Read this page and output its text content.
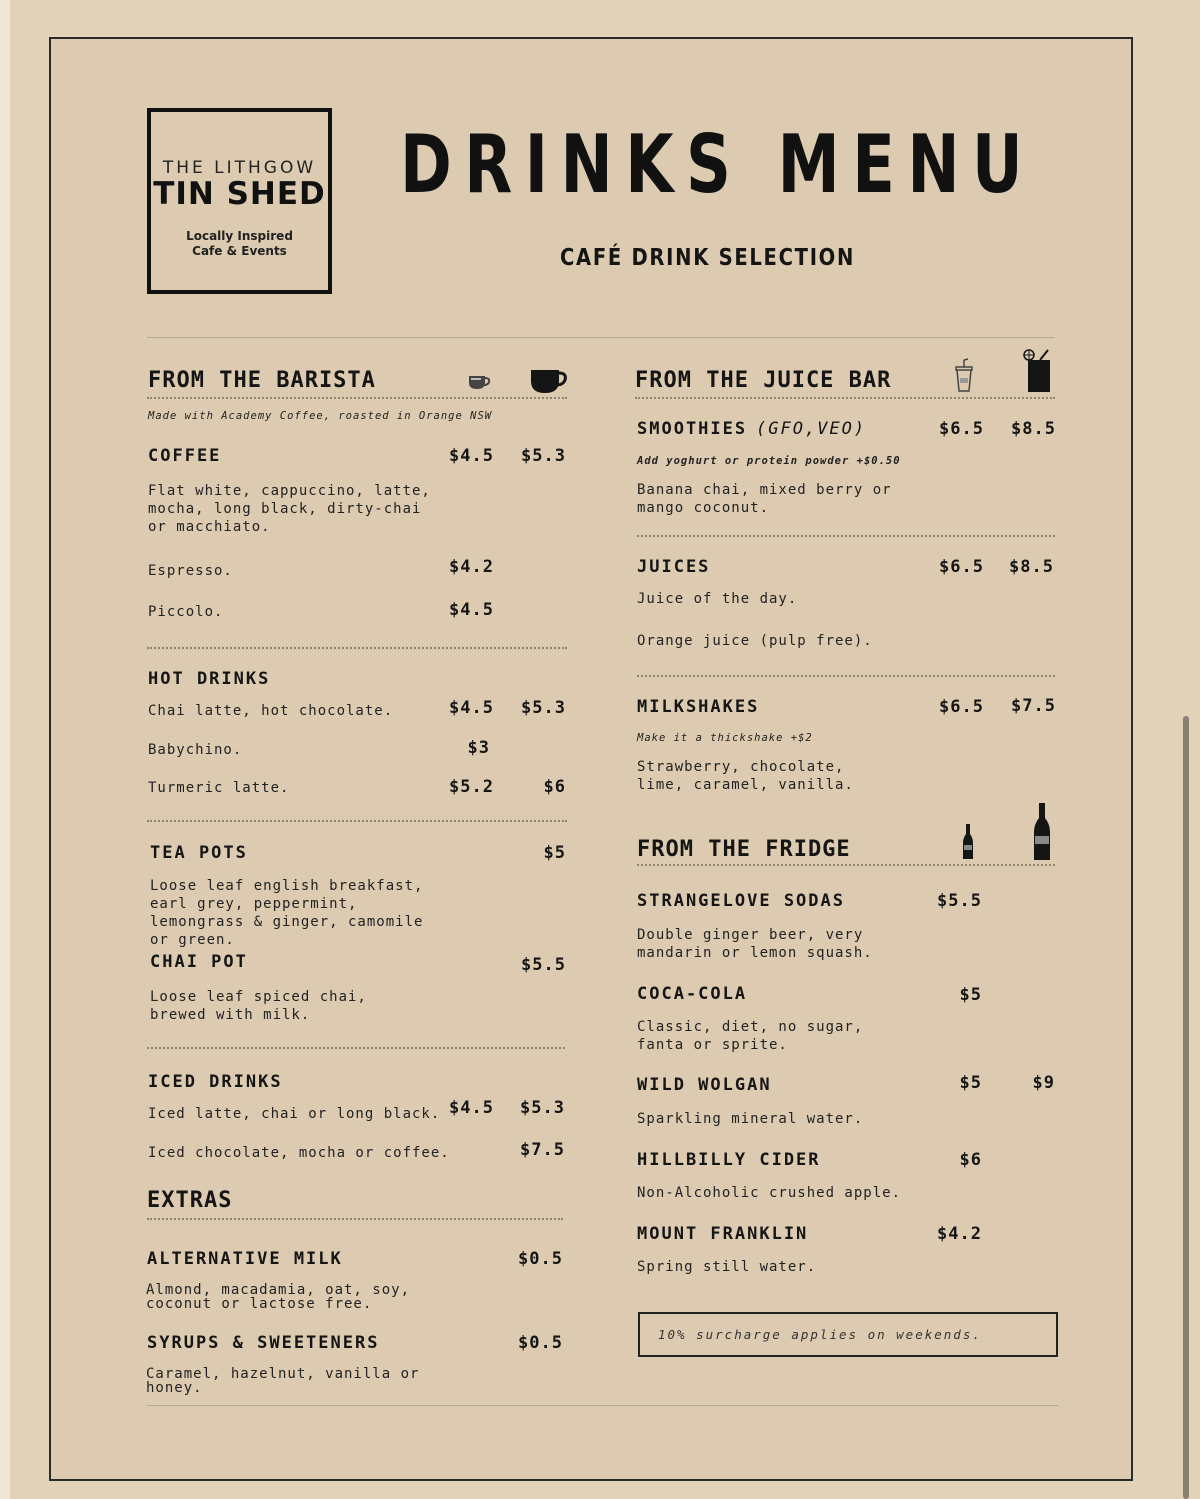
THE LITHGOW
TIN SHED
Locally Inspired
Cafe & Events
DRINKS MENU
CAFÉ DRINK SELECTION
FROM THE BARISTA
Made with Academy Coffee, roasted in Orange NSW
COFFEE	$4.5	$5.3
Flat white, cappuccino, latte, mocha, long black, dirty-chai or macchiato.
Espresso.	$4.2
Piccolo.	$4.5
HOT DRINKS
Chai latte, hot chocolate.	$4.5	$5.3
Babychino.	$3
Turmeric latte.	$5.2	$6
TEA POTS	$5
Loose leaf english breakfast, earl grey, peppermint, lemongrass & ginger, camomile or green.
CHAI POT	$5.5
Loose leaf spiced chai, brewed with milk.
ICED DRINKS
Iced latte, chai or long black. $4.5	$5.3
Iced chocolate, mocha or coffee.	$7.5
EXTRAS
ALTERNATIVE MILK	$0.5
Almond, macadamia, oat, soy, coconut or lactose free.
SYRUPS & SWEETENERS	$0.5
Caramel, hazelnut, vanilla or honey.
FROM THE JUICE BAR
SMOOTHIES (GFO,VEO)	$6.5	$8.5
Add yoghurt or protein powder +$0.50
Banana chai, mixed berry or mango coconut.
JUICES	$6.5	$8.5
Juice of the day.
Orange juice (pulp free).
MILKSHAKES	$6.5	$7.5
Make it a thickshake +$2
Strawberry, chocolate, lime, caramel, vanilla.
FROM THE FRIDGE
STRANGELOVE SODAS	$5.5
Double ginger beer, very mandarin or lemon squash.
COCA-COLA	$5
Classic, diet, no sugar, fanta or sprite.
WILD WOLGAN	$5	$9
Sparkling mineral water.
HILLBILLY CIDER	$6
Non-Alcoholic crushed apple.
MOUNT FRANKLIN	$4.2
Spring still water.
10% surcharge applies on weekends.
